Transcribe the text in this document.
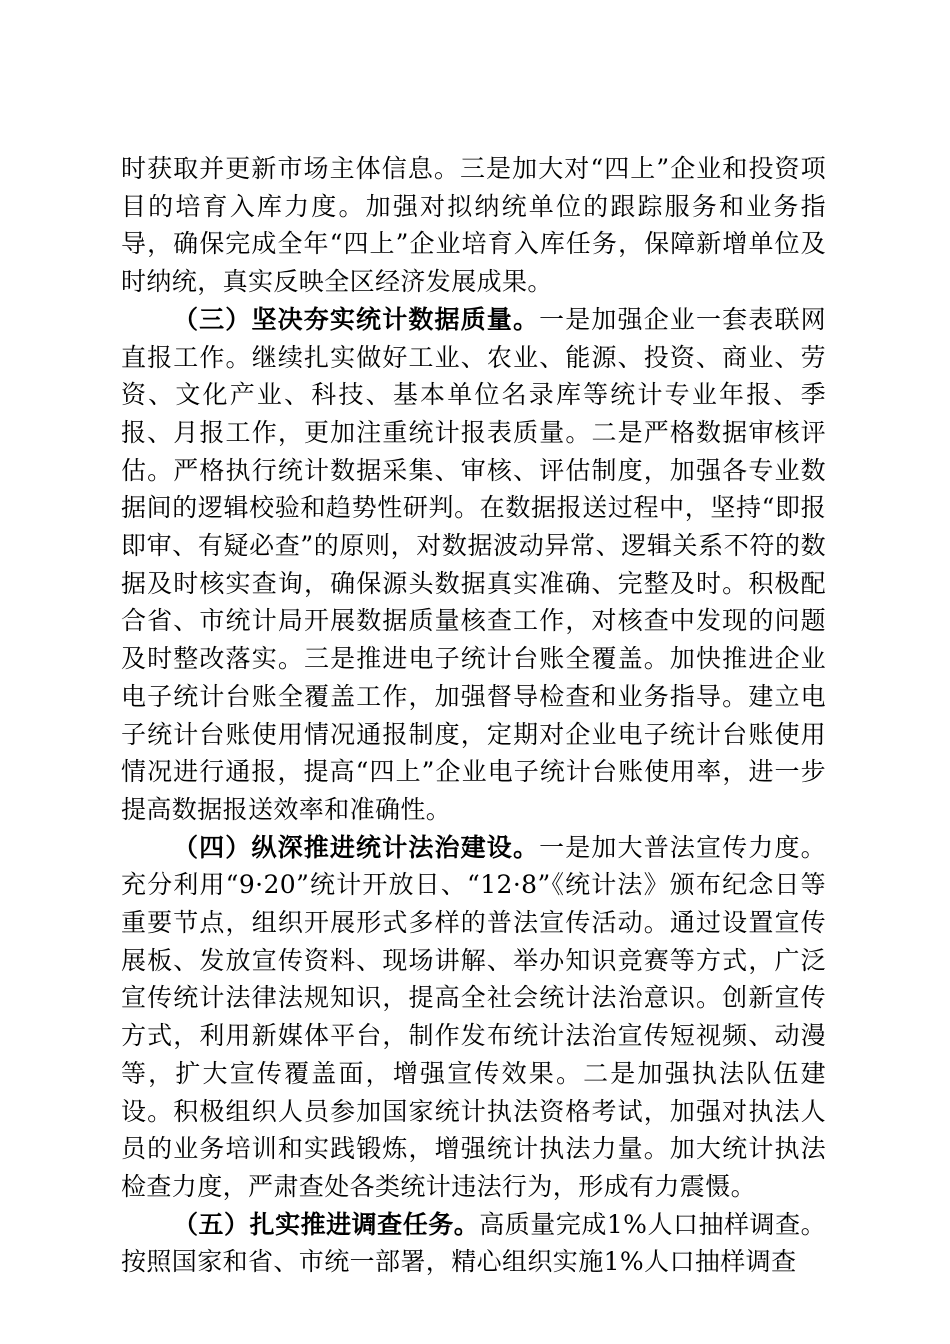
时获取并更新市场主体信息。三是加大对“四上”企业和投资项目的培育入库力度。加强对拟纳统单位的跟踪服务和业务指导，确保完成全年“四上”企业培育入库任务，保障新增单位及时纳统，真实反映全区经济发展成果。

（三）坚决夯实统计数据质量。一是加强企业一套表联网直报工作。继续扎实做好工业、农业、能源、投资、商业、劳资、文化产业、科技、基本单位名录库等统计专业年报、季报、月报工作，更加注重统计报表质量。二是严格数据审核评估。严格执行统计数据采集、审核、评估制度，加强各专业数据间的逻辑校验和趋势性研判。在数据报送过程中，坚持“即报即审、有疑必查”的原则，对数据波动异常、逻辑关系不符的数据及时核实查询，确保源头数据真实准确、完整及时。积极配合省、市统计局开展数据质量核查工作，对核查中发现的问题及时整改落实。三是推进电子统计台账全覆盖。加快推进企业电子统计台账全覆盖工作，加强督导检查和业务指导。建立电子统计台账使用情况通报制度，定期对企业电子统计台账使用情况进行通报，提高“四上”企业电子统计台账使用率，进一步提高数据报送效率和准确性。

（四）纵深推进统计法治建设。一是加大普法宣传力度。充分利用“9·20”统计开放日、“12·8”《统计法》颁布纪念日等重要节点，组织开展形式多样的普法宣传活动。通过设置宣传展板、发放宣传资料、现场讲解、举办知识竞赛等方式，广泛宣传统计法律法规知识，提高全社会统计法治意识。创新宣传方式，利用新媒体平台，制作发布统计法治宣传短视频、动漫等，扩大宣传覆盖面，增强宣传效果。二是加强执法队伍建设。积极组织人员参加国家统计执法资格考试，加强对执法人员的业务培训和实践锻炼，增强统计执法力量。加大统计执法检查力度，严肃查处各类统计违法行为，形成有力震慑。

（五）扎实推进调查任务。高质量完成1%人口抽样调查。按照国家和省、市统一部署，精心组织实施1%人口抽样调查
